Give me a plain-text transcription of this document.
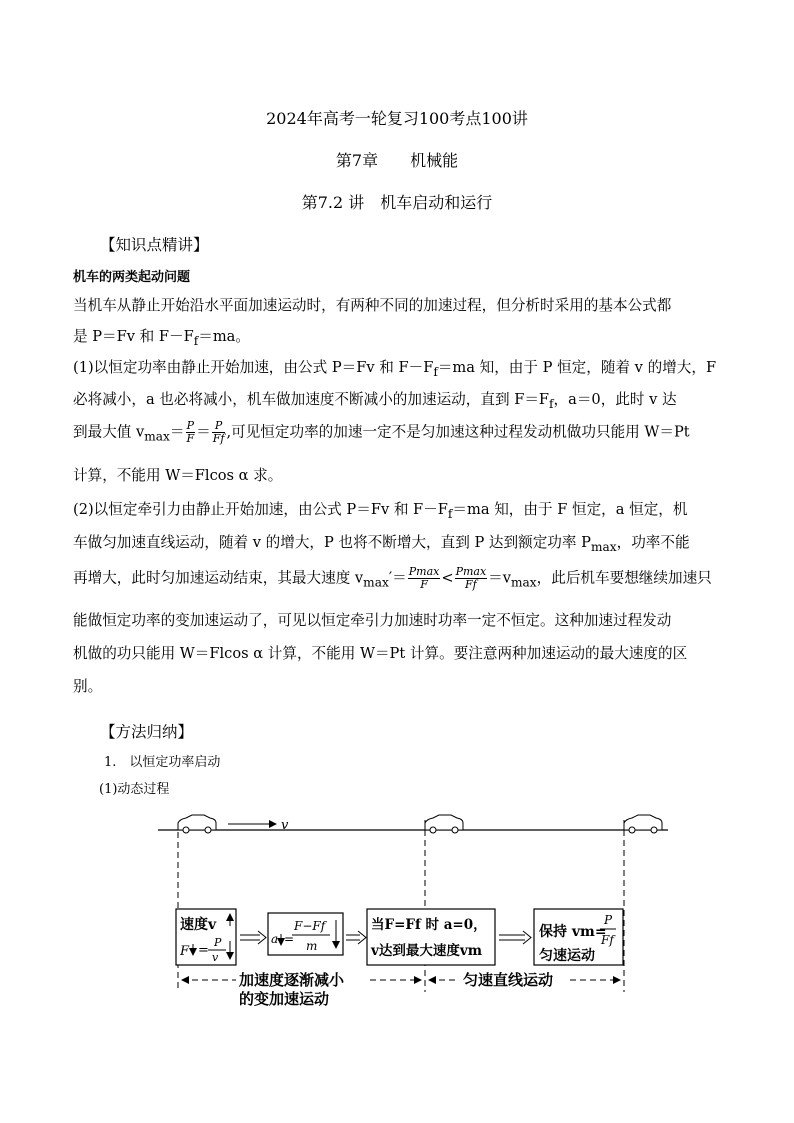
2024年高考一轮复习100考点100讲
第7章　　机械能
第7.2 讲　机车启动和运行
【知识点精讲】
机车的两类起动问题
当机车从静止开始沿水平面加速运动时，有两种不同的加速过程，但分析时采用的基本公式都
是 P＝Fv 和 $F-F_f=ma$。
(1)以恒定功率由静止开始加速，由公式 P＝Fv 和 $F-F_f=ma$ 知，由于 P 恒定，随着 v 的增大，F
必将减小，a 也必将减小，机车做加速度不断减小的加速运动，直到 $F=F_f$，a＝0，此时 v 达
到最大值 $v_{max}= \frac{P}{F} = \frac{P}{Ff}$ ,可见恒定功率的加速一定不是匀加速这种过程发动机做功只能用 W＝Pt
计算，不能用 W＝Flcos α 求。
(2)以恒定牵引力由静止开始加速，由公式 P＝Fv 和 $F-F_f=ma$ 知，由于 F 恒定，a 恒定，机
车做匀加速直线运动，随着 v 的增大，P 也将不断增大，直到 P 达到额定功率 $P_{max}$，功率不能
再增大，此时匀加速运动结束，其最大速度 $v_{max}'= \frac{Pmax}{F} < \frac{Pmax}{Ff} =v_{max}$，此后机车要想继续加速只
能做恒定功率的变加速运动了，可见以恒定牵引力加速时功率一定不恒定。这种加速过程发动
机做的功只能用 W＝Flcos α 计算，不能用 W＝Pt 计算。要注意两种加速运动的最大速度的区
别。
【方法归纳】
1.　以恒定功率启动
(1)动态过程
v
速度v
F =
P
v
a =
F−Ff
m
当F=Ff 时 a=0，
v达到最大速度vm
保持 vm=
P
Ff
匀速运动
加速度逐渐减小
的变加速运动
匀速直线运动
